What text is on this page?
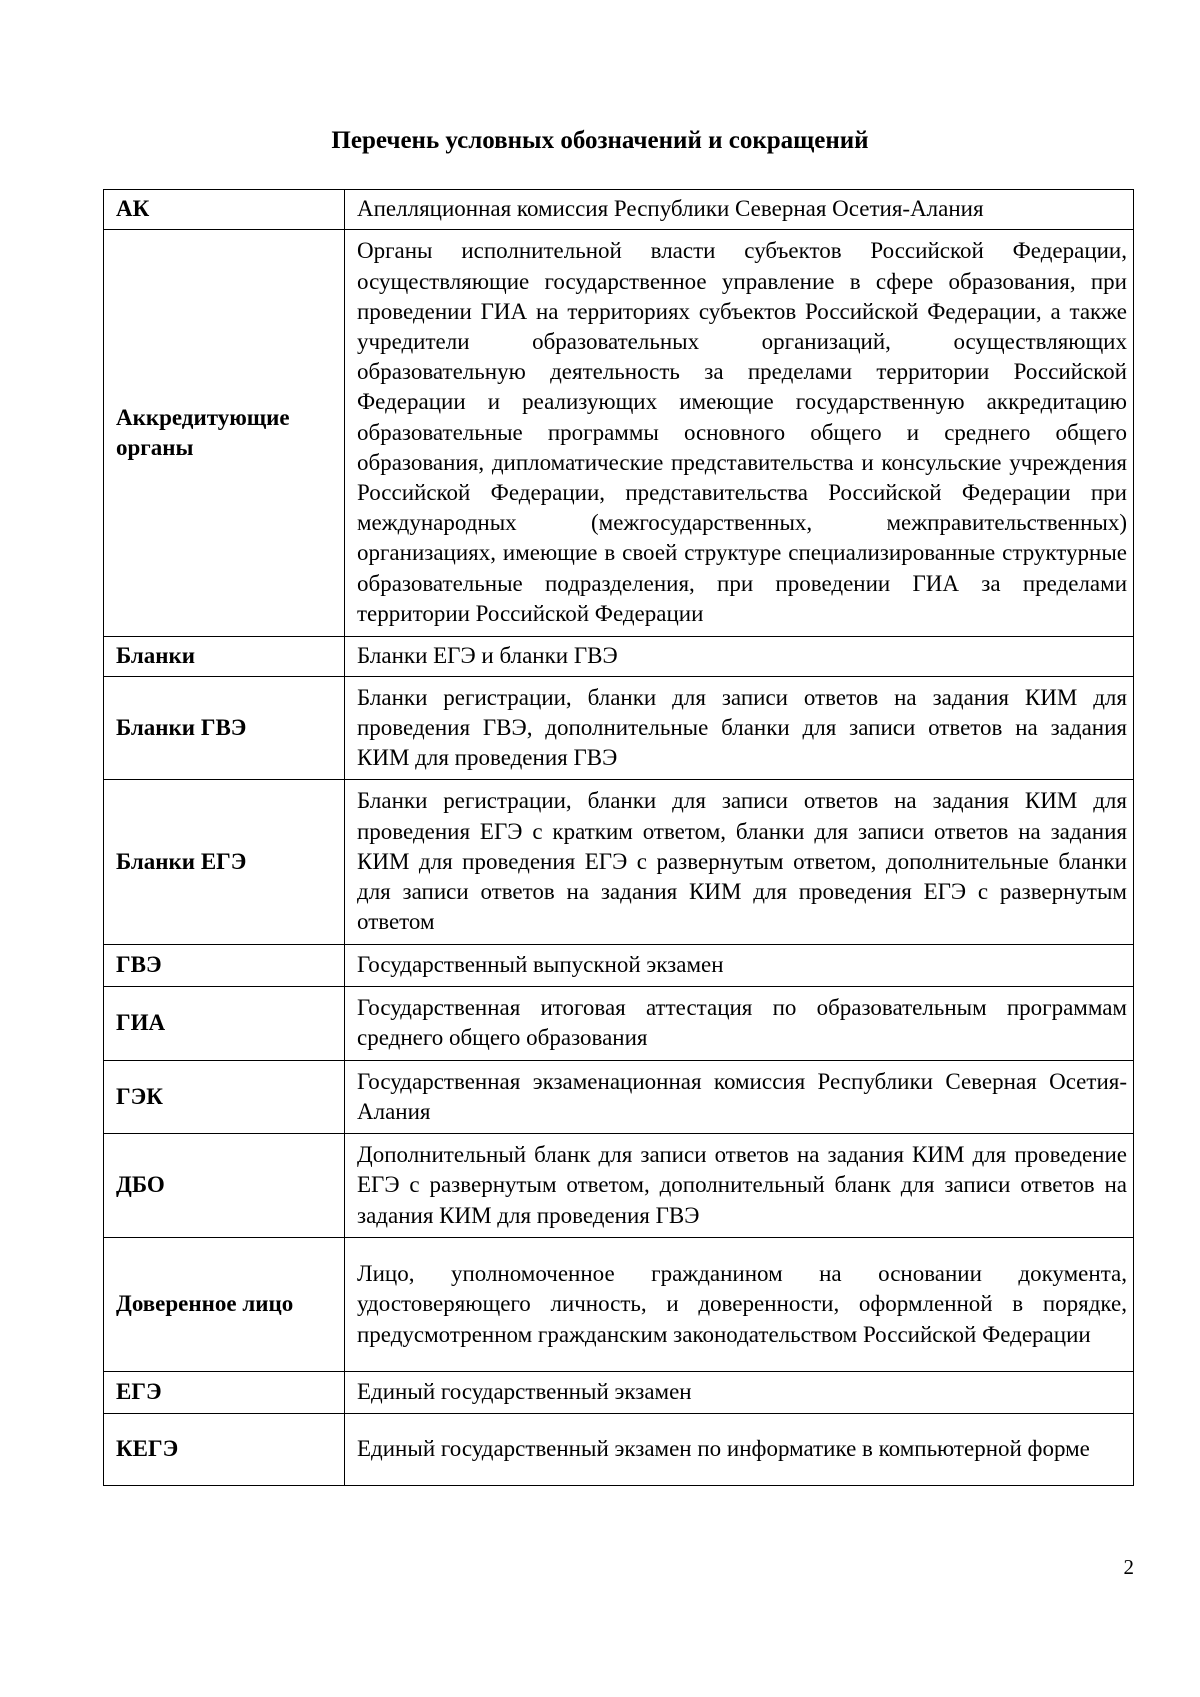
Перечень условных обозначений и сокращений
АК	Апелляционная комиссия Республики Северная Осетия-Алания
Аккредитующие органы	Органы исполнительной власти субъектов Российской Федерации, осуществляющие государственное управление в сфере образования, при проведении ГИА на территориях субъектов Российской Федерации, а также учредители образовательных организаций, осуществляющих образовательную деятельность за пределами территории Российской Федерации и реализующих имеющие государственную аккредитацию образовательные программы основного общего и среднего общего образования, дипломатические представительства и консульские учреждения Российской Федерации, представительства Российской Федерации при международных (межгосударственных, межправительственных) организациях, имеющие в своей структуре специализированные структурные образовательные подразделения, при проведении ГИА за пределами территории Российской Федерации
Бланки	Бланки ЕГЭ и бланки ГВЭ
Бланки ГВЭ	Бланки регистрации, бланки для записи ответов на задания КИМ для проведения ГВЭ, дополнительные бланки для записи ответов на задания КИМ для проведения ГВЭ
Бланки ЕГЭ	Бланки регистрации, бланки для записи ответов на задания КИМ для проведения ЕГЭ с кратким ответом, бланки для записи ответов на задания КИМ для проведения ЕГЭ с развернутым ответом, дополнительные бланки для записи ответов на задания КИМ для проведения ЕГЭ с развернутым ответом
ГВЭ	Государственный выпускной экзамен
ГИА	Государственная итоговая аттестация по образовательным программам среднего общего образования
ГЭК	Государственная экзаменационная комиссия Республики Северная Осетия-Алания
ДБО	Дополнительный бланк для записи ответов на задания КИМ для проведение ЕГЭ с развернутым ответом, дополнительный бланк для записи ответов на задания КИМ для проведения ГВЭ
Доверенное лицо	Лицо, уполномоченное гражданином на основании документа, удостоверяющего личность, и доверенности, оформленной в порядке, предусмотренном гражданским законодательством Российской Федерации
ЕГЭ	Единый государственный экзамен
КЕГЭ	Единый государственный экзамен по информатике в компьютерной форме
2
